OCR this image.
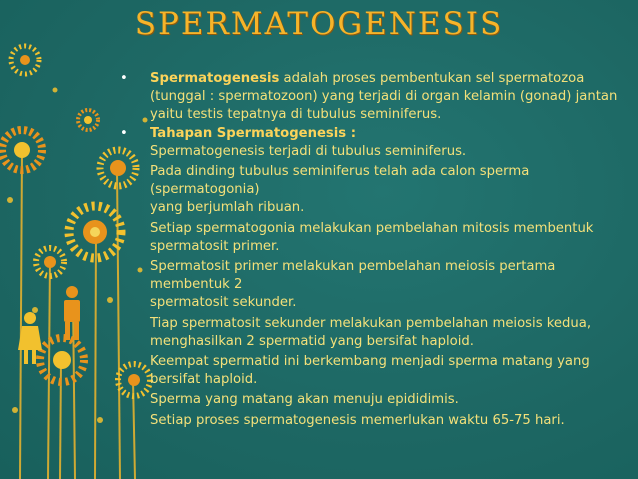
SPERMATOGENESIS
• Spermatogenesis adalah proses pembentukan sel spermatozoa (tunggal : spermatozoon) yang terjadi di organ kelamin (gonad) jantan yaitu testis tepatnya di tubulus seminiferus.

• Tahapan Spermatogenesis :

Spermatogenesis terjadi di tubulus seminiferus.

Pada dinding tubulus seminiferus telah ada calon sperma (spermatogonia)

yang berjumlah ribuan.

Setiap spermatogonia melakukan pembelahan mitosis membentuk spermatosit primer.

Spermatosit primer melakukan pembelahan meiosis pertama membentuk 2

spermatosit sekunder.

Tiap spermatosit sekunder melakukan pembelahan meiosis kedua, menghasilkan 2 spermatid yang bersifat haploid.

Keempat spermatid ini berkembang menjadi sperma matang yang bersifat haploid.

Sperma yang matang akan menuju epididimis.

Setiap proses spermatogenesis memerlukan waktu 65-75 hari.
